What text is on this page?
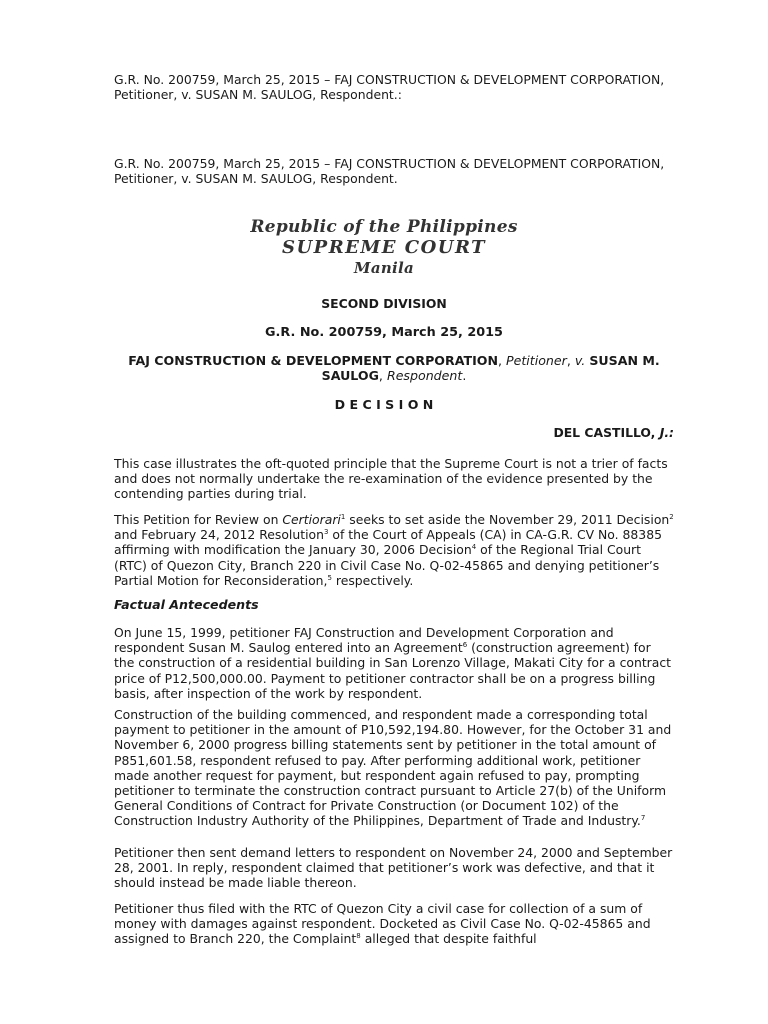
G.R. No. 200759, March 25, 2015 – FAJ CONSTRUCTION & DEVELOPMENT CORPORATION, Petitioner, v. SUSAN M. SAULOG, Respondent.:
G.R. No. 200759, March 25, 2015 – FAJ CONSTRUCTION & DEVELOPMENT CORPORATION, Petitioner, v. SUSAN M. SAULOG, Respondent.
Republic of the Philippines
SUPREME COURT
Manila
SECOND DIVISION
G.R. No. 200759, March 25, 2015
FAJ CONSTRUCTION & DEVELOPMENT CORPORATION, Petitioner, v. SUSAN M. SAULOG, Respondent.
D E C I S I O N
DEL CASTILLO, J.:
This case illustrates the oft-quoted principle that the Supreme Court is not a trier of facts and does not normally undertake the re-examination of the evidence presented by the contending parties during trial.
This Petition for Review on Certiorari$^1$ seeks to set aside the November 29, 2011 Decision$^2$ and February 24, 2012 Resolution$^3$ of the Court of Appeals (CA) in CA-G.R. CV No. 88385 affirming with modification the January 30, 2006 Decision$^4$ of the Regional Trial Court (RTC) of Quezon City, Branch 220 in Civil Case No. Q-02-45865 and denying petitioner’s Partial Motion for Reconsideration,$^5$ respectively.
Factual Antecedents
On June 15, 1999, petitioner FAJ Construction and Development Corporation and respondent Susan M. Saulog entered into an Agreement$^6$ (construction agreement) for the construction of a residential building in San Lorenzo Village, Makati City for a contract price of P12,500,000.00. Payment to petitioner contractor shall be on a progress billing basis, after inspection of the work by respondent.
Construction of the building commenced, and respondent made a corresponding total payment to petitioner in the amount of P10,592,194.80. However, for the October 31 and November 6, 2000 progress billing statements sent by petitioner in the total amount of P851,601.58, respondent refused to pay. After performing additional work, petitioner made another request for payment, but respondent again refused to pay, prompting petitioner to terminate the construction contract pursuant to Article 27(b) of the Uniform General Conditions of Contract for Private Construction (or Document 102) of the Construction Industry Authority of the Philippines, Department of Trade and Industry.$^7$
Petitioner then sent demand letters to respondent on November 24, 2000 and September 28, 2001. In reply, respondent claimed that petitioner’s work was defective, and that it should instead be made liable thereon.
Petitioner thus filed with the RTC of Quezon City a civil case for collection of a sum of money with damages against respondent. Docketed as Civil Case No. Q-02-45865 and assigned to Branch 220, the Complaint$^8$ alleged that despite faithful
